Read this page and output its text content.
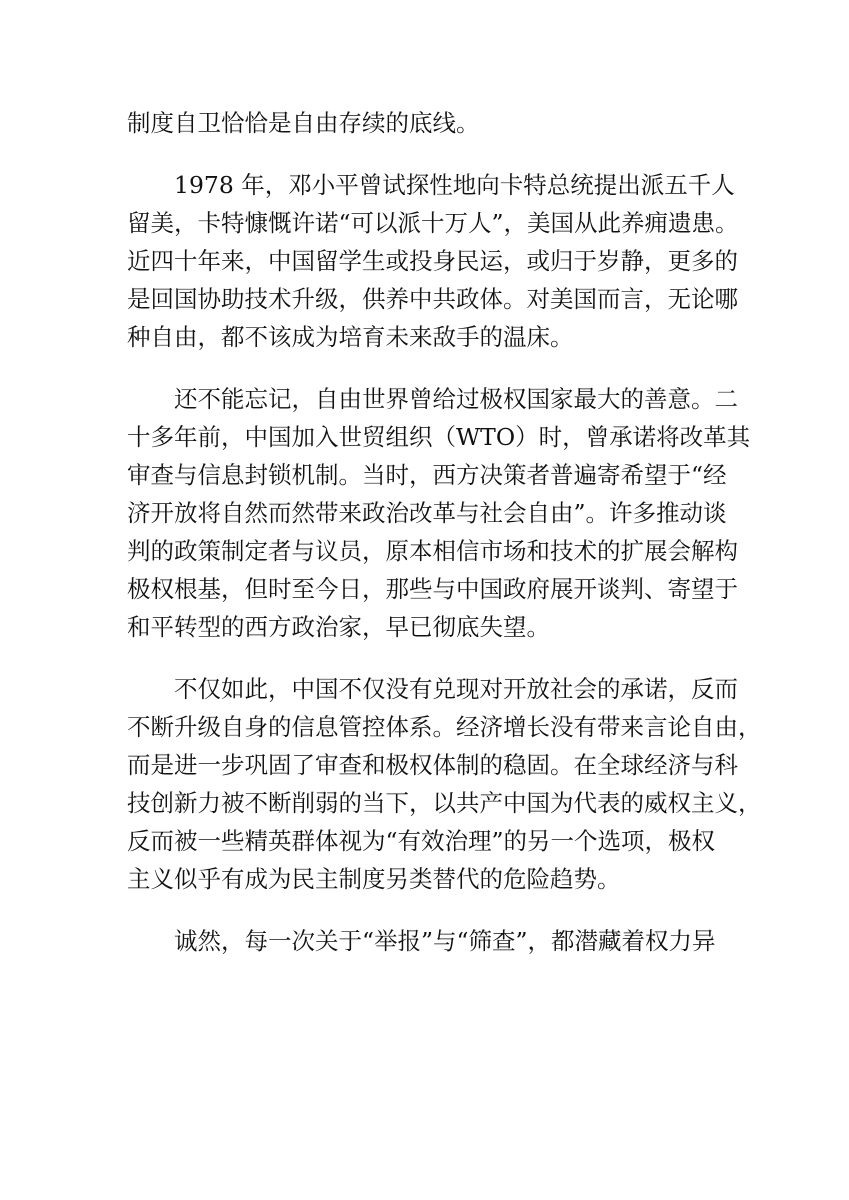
制度自卫恰恰是自由存续的底线。
1978 年，邓小平曾试探性地向卡特总统提出派五千人
留美，卡特慷慨许诺“可以派十万人”，美国从此养痈遗患。
近四十年来，中国留学生或投身民运，或归于岁静，更多的
是回国协助技术升级，供养中共政体。对美国而言，无论哪
种自由，都不该成为培育未来敌手的温床。
还不能忘记，自由世界曾给过极权国家最大的善意。二
十多年前，中国加入世贸组织（WTO）时，曾承诺将改革其
审查与信息封锁机制。当时，西方决策者普遍寄希望于“经
济开放将自然而然带来政治改革与社会自由”。许多推动谈
判的政策制定者与议员，原本相信市场和技术的扩展会解构
极权根基，但时至今日，那些与中国政府展开谈判、寄望于
和平转型的西方政治家，早已彻底失望。
不仅如此，中国不仅没有兑现对开放社会的承诺，反而
不断升级自身的信息管控体系。经济增长没有带来言论自由，
而是进一步巩固了审查和极权体制的稳固。在全球经济与科
技创新力被不断削弱的当下，以共产中国为代表的威权主义，
反而被一些精英群体视为“有效治理”的另一个选项，极权
主义似乎有成为民主制度另类替代的危险趋势。
诚然，每一次关于“举报”与“筛查”，都潜藏着权力异
